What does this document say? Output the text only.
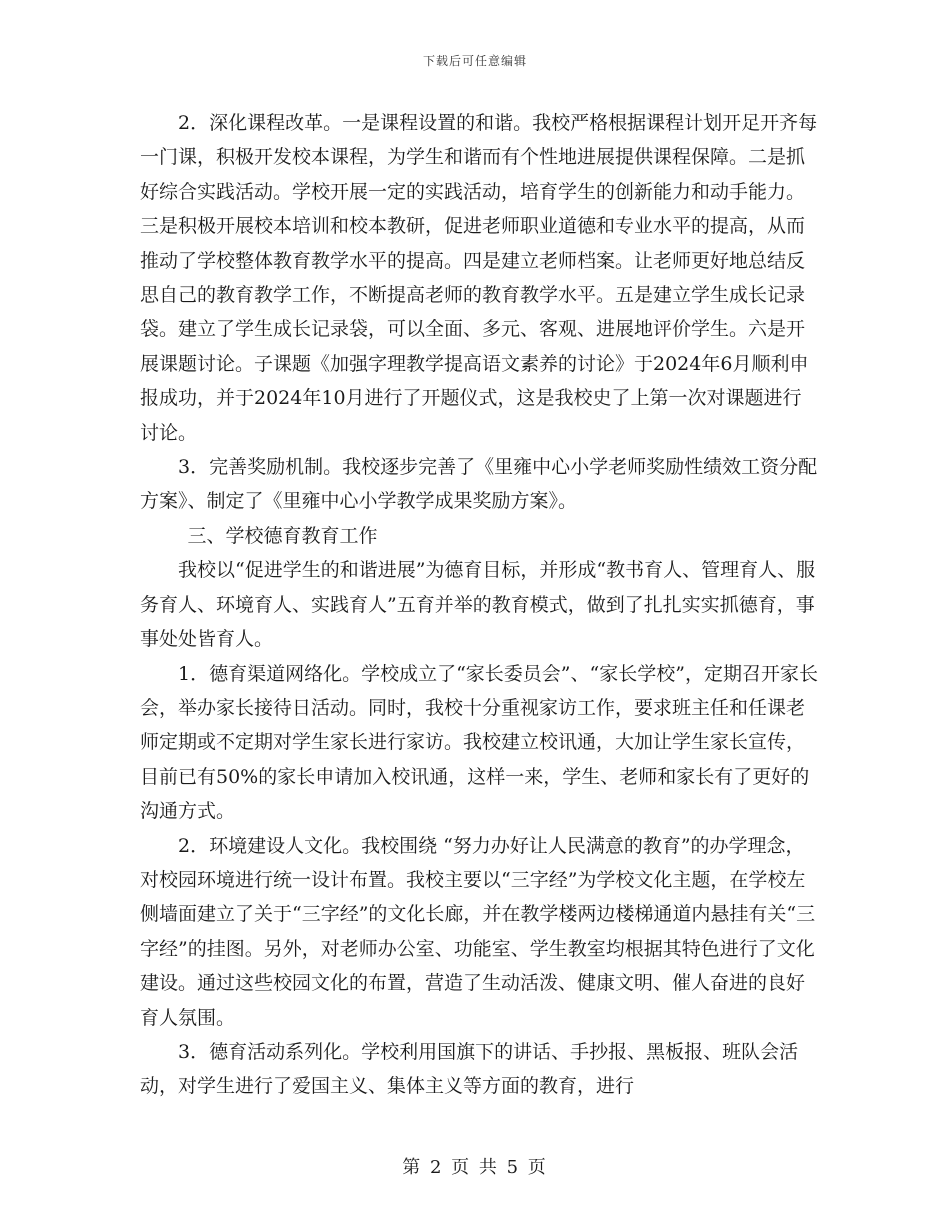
下载后可任意编辑

2．深化课程改革。一是课程设置的和谐。我校严格根据课程计划开足开齐每一门课，积极开发校本课程，为学生和谐而有个性地进展提供课程保障。二是抓好综合实践活动。学校开展一定的实践活动，培育学生的创新能力和动手能力。三是积极开展校本培训和校本教研，促进老师职业道德和专业水平的提高，从而推动了学校整体教育教学水平的提高。四是建立老师档案。让老师更好地总结反思自己的教育教学工作，不断提高老师的教育教学水平。五是建立学生成长记录袋。建立了学生成长记录袋，可以全面、多元、客观、进展地评价学生。六是开展课题讨论。子课题《加强字理教学提高语文素养的讨论》于2024年6月顺利申报成功，并于2024年10月进行了开题仪式，这是我校史了上第一次对课题进行讨论。

3．完善奖励机制。我校逐步完善了《里雍中心小学老师奖励性绩效工资分配方案》、制定了《里雍中心小学教学成果奖励方案》。

三、学校德育教育工作

我校以“促进学生的和谐进展”为德育目标，并形成“教书育人、管理育人、服务育人、环境育人、实践育人”五育并举的教育模式，做到了扎扎实实抓德育，事事处处皆育人。

1．德育渠道网络化。学校成立了“家长委员会”、“家长学校”，定期召开家长会，举办家长接待日活动。同时，我校十分重视家访工作，要求班主任和任课老师定期或不定期对学生家长进行家访。我校建立校讯通，大加让学生家长宣传，目前已有50%的家长申请加入校讯通，这样一来，学生、老师和家长有了更好的沟通方式。

2．环境建设人文化。我校围绕 “努力办好让人民满意的教育”的办学理念，对校园环境进行统一设计布置。我校主要以“三字经”为学校文化主题，在学校左侧墙面建立了关于“三字经”的文化长廊，并在教学楼两边楼梯通道内悬挂有关“三字经”的挂图。另外，对老师办公室、功能室、学生教室均根据其特色进行了文化建设。通过这些校园文化的布置，营造了生动活泼、健康文明、催人奋进的良好育人氛围。

3．德育活动系列化。学校利用国旗下的讲话、手抄报、黑板报、班队会活动，对学生进行了爱国主义、集体主义等方面的教育，进行

第 2 页 共 5 页
